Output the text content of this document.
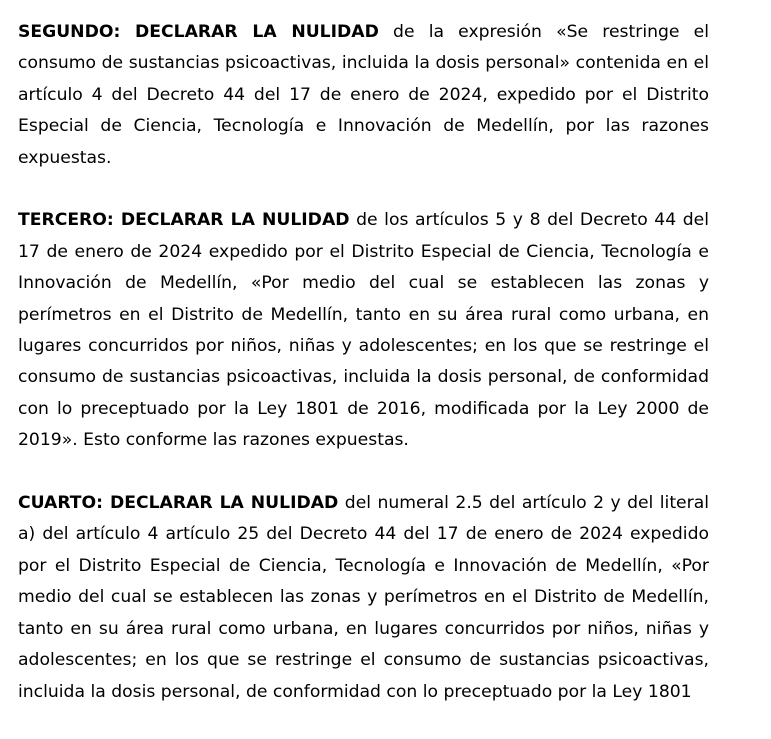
SEGUNDO: DECLARAR LA NULIDAD de la expresión «Se restringe el consumo de sustancias psicoactivas, incluida la dosis personal» contenida en el artículo 4 del Decreto 44 del 17 de enero de 2024, expedido por el Distrito Especial de Ciencia, Tecnología e Innovación de Medellín, por las razones expuestas.

TERCERO: DECLARAR LA NULIDAD de los artículos 5 y 8 del Decreto 44 del 17 de enero de 2024 expedido por el Distrito Especial de Ciencia, Tecnología e Innovación de Medellín, «Por medio del cual se establecen las zonas y perímetros en el Distrito de Medellín, tanto en su área rural como urbana, en lugares concurridos por niños, niñas y adolescentes; en los que se restringe el consumo de sustancias psicoactivas, incluida la dosis personal, de conformidad con lo preceptuado por la Ley 1801 de 2016, modificada por la Ley 2000 de 2019». Esto conforme las razones expuestas.

CUARTO: DECLARAR LA NULIDAD del numeral 2.5 del artículo 2 y del literal a) del artículo 4 artículo 25 del Decreto 44 del 17 de enero de 2024 expedido por el Distrito Especial de Ciencia, Tecnología e Innovación de Medellín, «Por medio del cual se establecen las zonas y perímetros en el Distrito de Medellín, tanto en su área rural como urbana, en lugares concurridos por niños, niñas y adolescentes; en los que se restringe el consumo de sustancias psicoactivas, incluida la dosis personal, de conformidad con lo preceptuado por la Ley 1801
